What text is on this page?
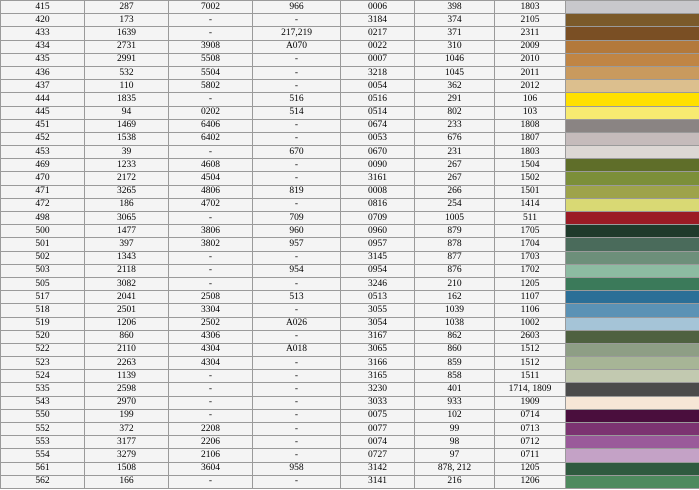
415	287	7002	966	0006	398	1803	
420	173	-	-	3184	374	2105	
433	1639	-	217,219	0217	371	2311	
434	2731	3908	A070	0022	310	2009	
435	2991	5508	-	0007	1046	2010	
436	532	5504	-	3218	1045	2011	
437	110	5802	-	0054	362	2012	
444	1835	-	516	0516	291	106	
445	94	0202	514	0514	802	103	
451	1469	6406	-	0674	233	1808	
452	1538	6402	-	0053	676	1807	
453	39	-	670	0670	231	1803	
469	1233	4608	-	0090	267	1504	
470	2172	4504	-	3161	267	1502	
471	3265	4806	819	0008	266	1501	
472	186	4702	-	0816	254	1414	
498	3065	-	709	0709	1005	511	
500	1477	3806	960	0960	879	1705	
501	397	3802	957	0957	878	1704	
502	1343	-	-	3145	877	1703	
503	2118	-	954	0954	876	1702	
505	3082	-	-	3246	210	1205	
517	2041	2508	513	0513	162	1107	
518	2501	3304	-	3055	1039	1106	
519	1206	2502	A026	3054	1038	1002	
520	860	4306	-	3167	862	2603	
522	2110	4304	A018	3065	860	1512	
523	2263	4304	-	3166	859	1512	
524	1139	-	-	3165	858	1511	
535	2598	-	-	3230	401	1714, 1809	
543	2970	-	-	3033	933	1909	
550	199	-	-	0075	102	0714	
552	372	2208	-	0077	99	0713	
553	3177	2206	-	0074	98	0712	
554	3279	2106	-	0727	97	0711	
561	1508	3604	958	3142	878, 212	1205	
562	166	-	-	3141	216	1206	
